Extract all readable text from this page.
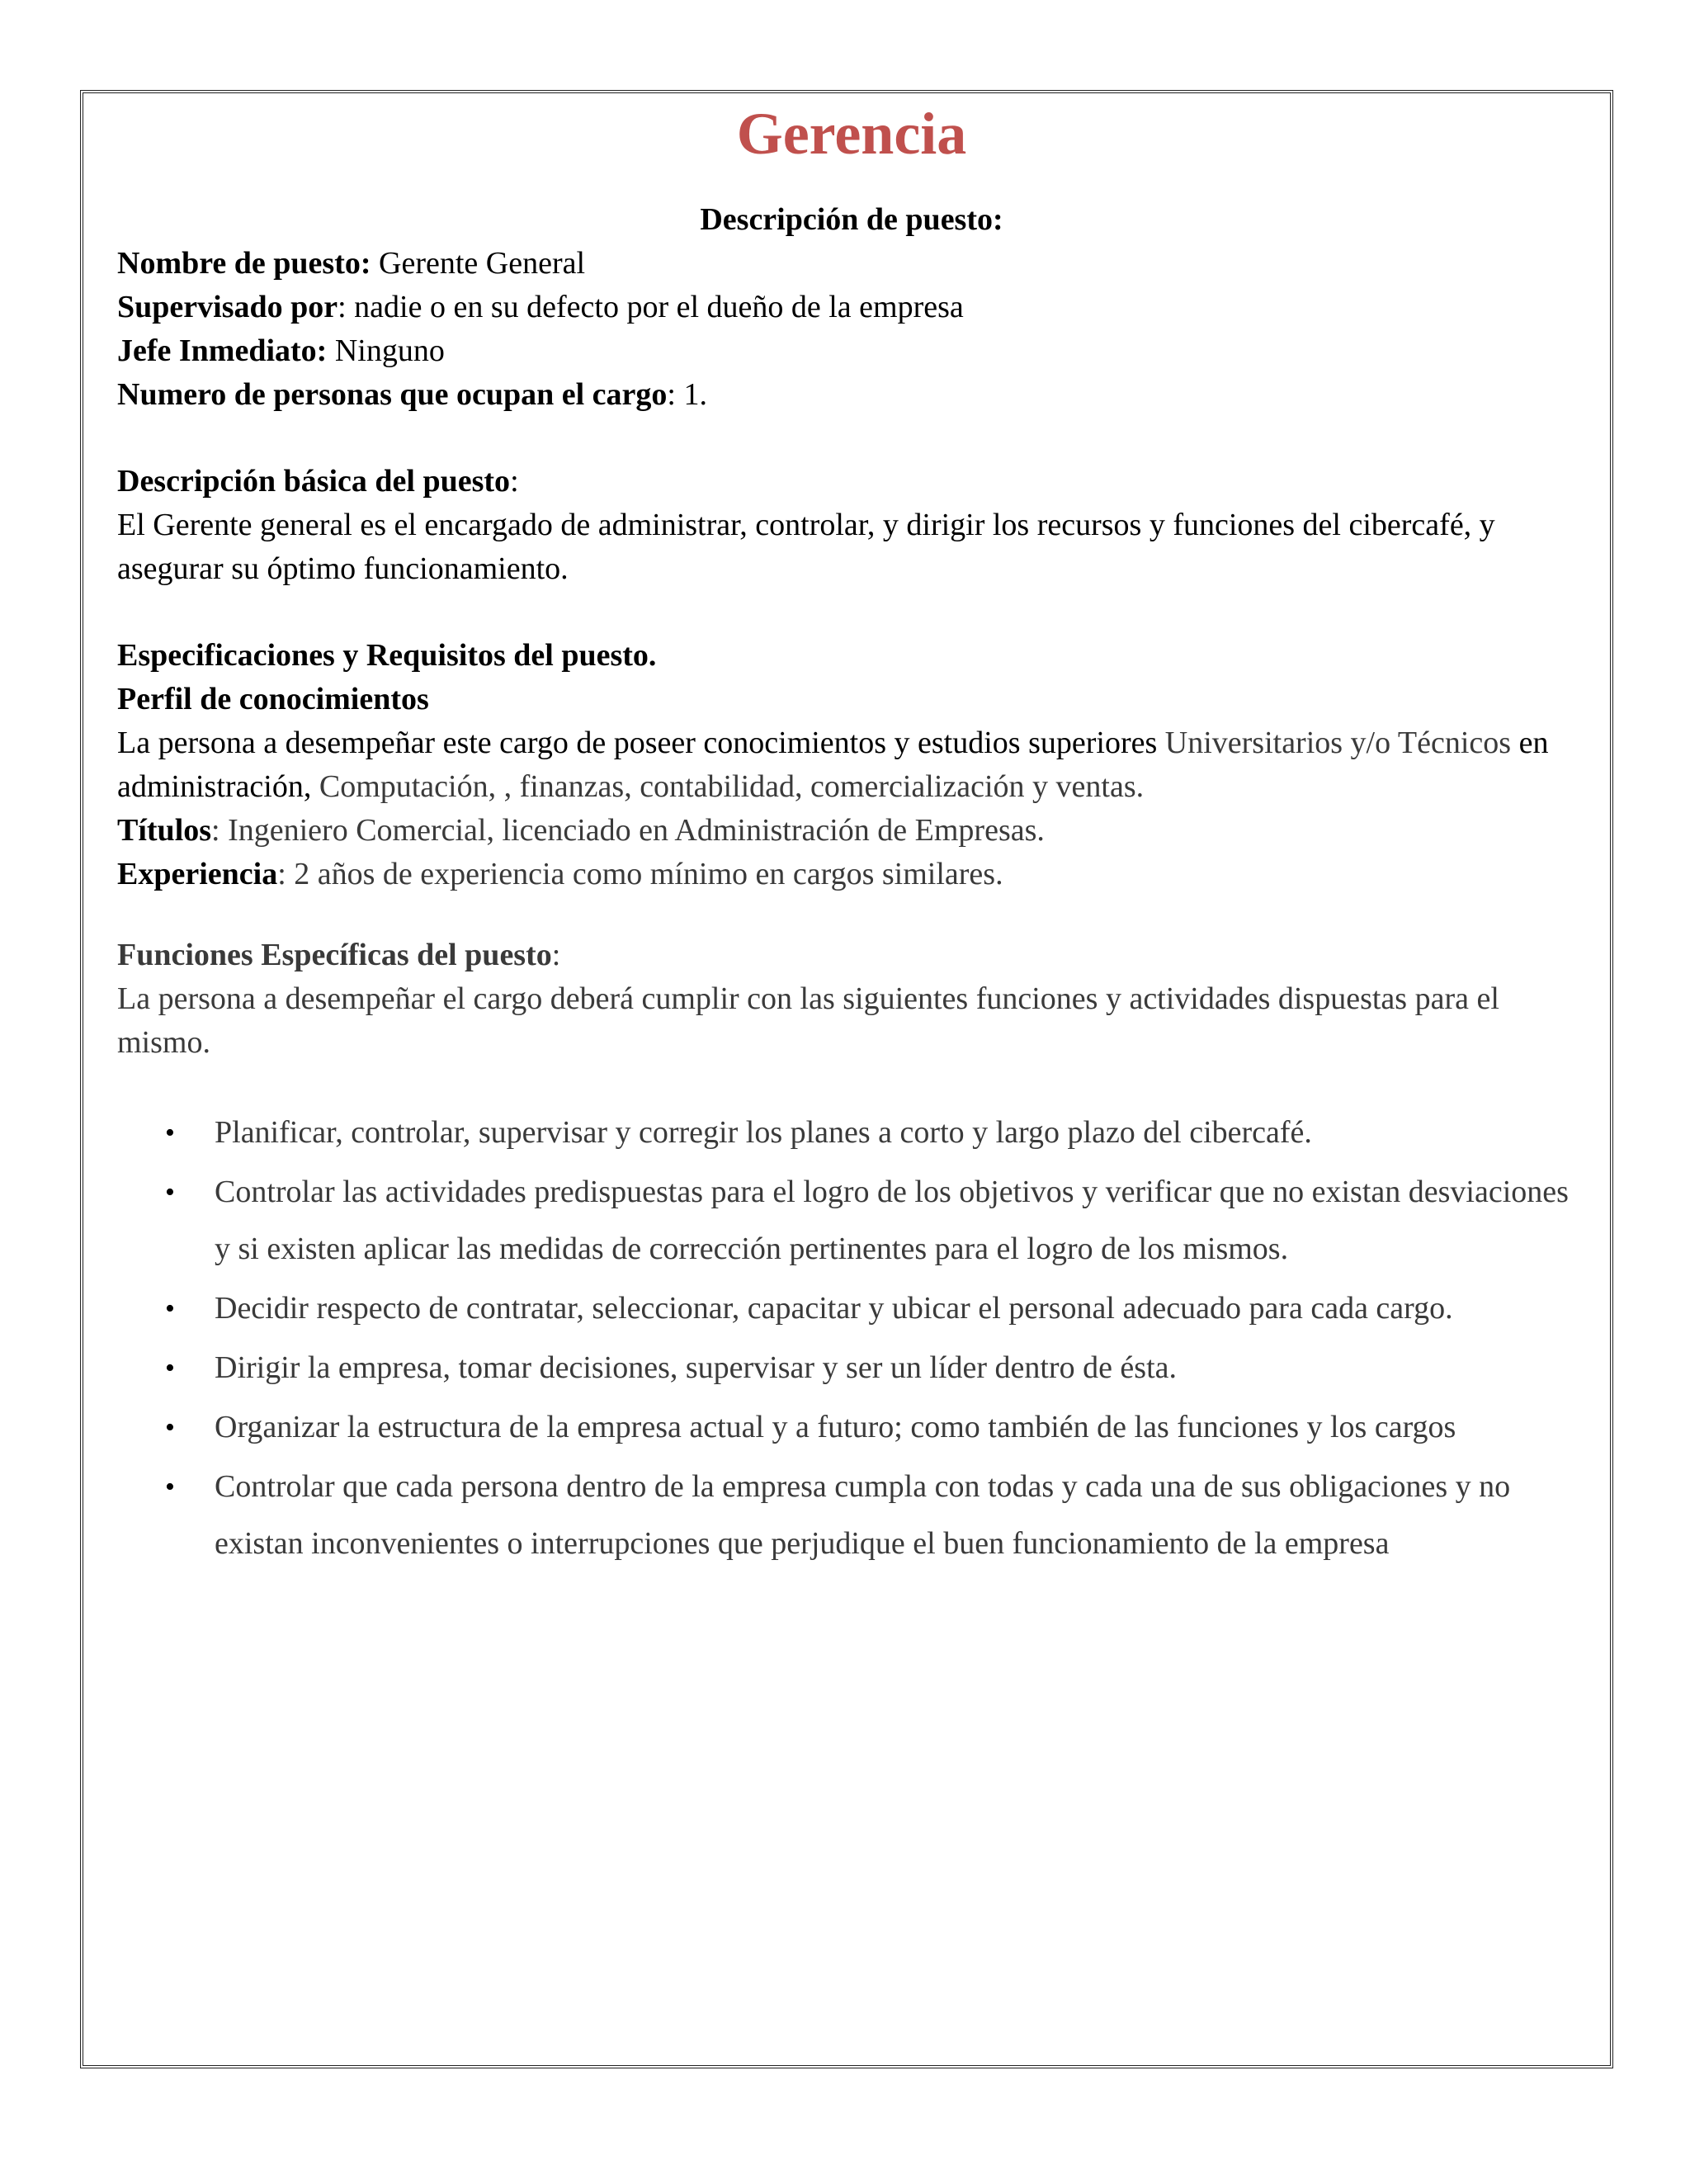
Gerencia
Descripción de puesto:

Nombre de puesto: Gerente General

Supervisado por: nadie o en su defecto por el dueño de la empresa

Jefe Inmediato: Ninguno

Numero de personas que ocupan el cargo: 1.

Descripción básica del puesto:

El Gerente general es el encargado de administrar, controlar, y dirigir los recursos y funciones del cibercafé, y asegurar su óptimo funcionamiento.

Especificaciones y Requisitos del puesto.

Perfil de conocimientos

La persona a desempeñar este cargo de poseer conocimientos y estudios superiores Universitarios y/o Técnicos en administración, Computación, , finanzas, contabilidad, comercialización y ventas.

Títulos: Ingeniero Comercial, licenciado en Administración de Empresas.

Experiencia: 2 años de experiencia como mínimo en cargos similares.

Funciones Específicas del puesto:

La persona a desempeñar el cargo deberá cumplir con las siguientes funciones y actividades dispuestas para el mismo.

• Planificar, controlar, supervisar y corregir los planes a corto y largo plazo del cibercafé.
• Controlar las actividades predispuestas para el logro de los objetivos y verificar que no existan desviaciones y si existen aplicar las medidas de corrección pertinentes para el logro de los mismos.
• Decidir respecto de contratar, seleccionar, capacitar y ubicar el personal adecuado para cada cargo.
• Dirigir la empresa, tomar decisiones, supervisar y ser un líder dentro de ésta.
• Organizar la estructura de la empresa actual y a futuro; como también de las funciones y los cargos
• Controlar que cada persona dentro de la empresa cumpla con todas y cada una de sus obligaciones y no existan inconvenientes o interrupciones que perjudique el buen funcionamiento de la empresa
